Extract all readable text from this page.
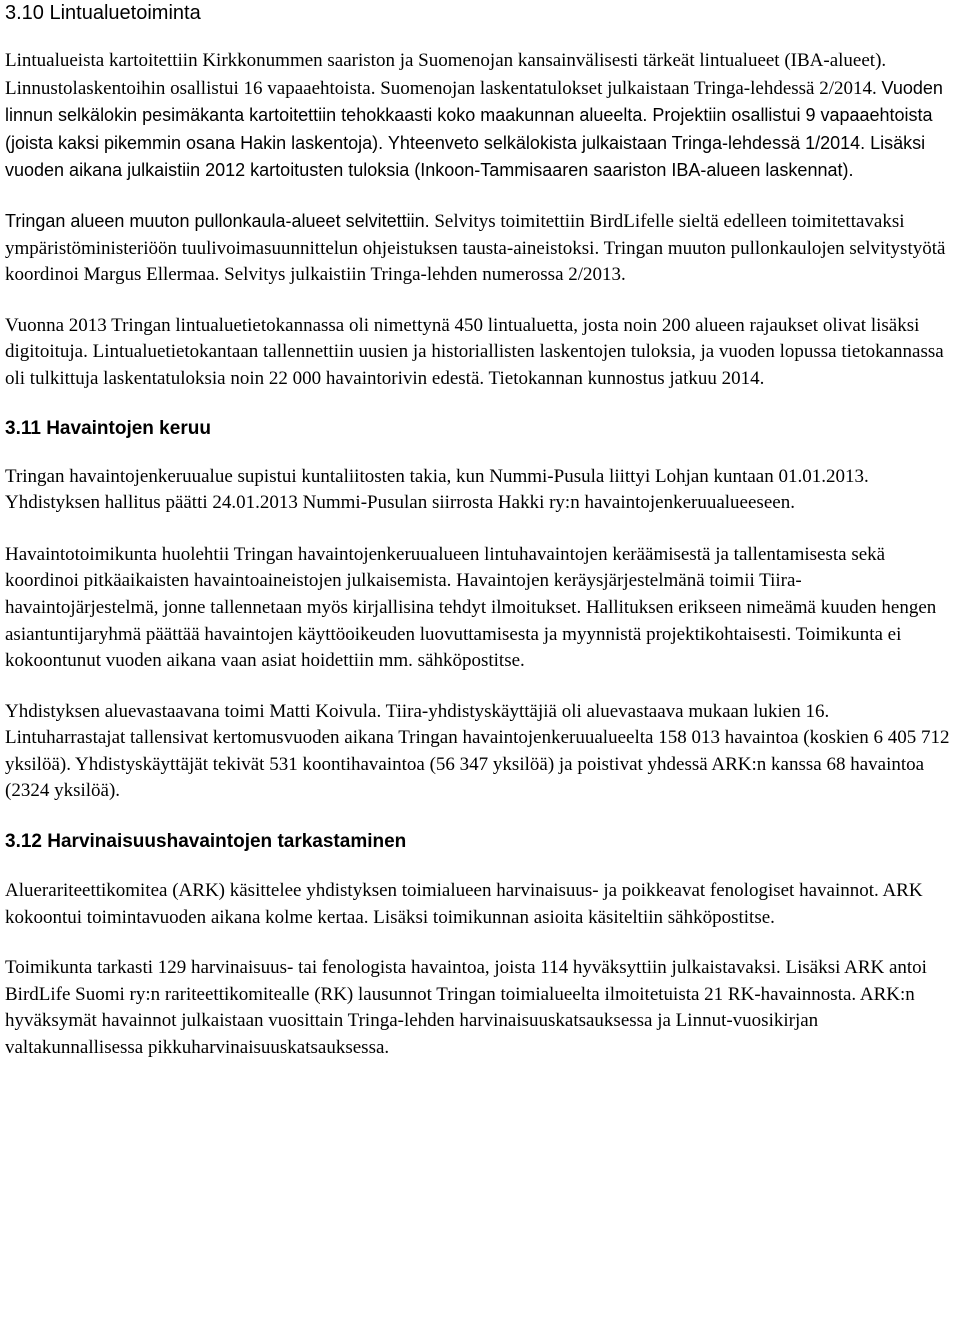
3.10 Lintualuetoiminta

Lintualueista kartoitettiin Kirkkonummen saariston ja Suomenojan kansainvälisesti tärkeät lintualueet (IBA-alueet). Linnustolaskentoihin osallistui 16 vapaaehtoista. Suomenojan laskentatulokset julkaistaan Tringa-lehdessä 2/2014. Vuoden linnun selkälokin pesimäkanta kartoitettiin tehokkaasti koko maakunnan alueelta. Projektiin osallistui 9 vapaaehtoista (joista kaksi pikemmin osana Hakin laskentoja). Yhteenveto selkälokista julkaistaan Tringa-lehdessä 1/2014. Lisäksi vuoden aikana julkaistiin 2012 kartoitusten tuloksia (Inkoon-Tammisaaren saariston IBA-alueen laskennat).

Tringan alueen muuton pullonkaula-alueet selvitettiin. Selvitys toimitettiin BirdLifelle sieltä edelleen toimitettavaksi ympäristöministeriöön tuulivoimasuunnittelun ohjeistuksen tausta-aineistoksi. Tringan muuton pullonkaulojen selvitystyötä koordinoi Margus Ellermaa. Selvitys julkaistiin Tringa-lehden numerossa 2/2013.

Vuonna 2013 Tringan lintualuetietokannassa oli nimettynä 450 lintualuetta, josta noin 200 alueen rajaukset olivat lisäksi digitoituja. Lintualuetietokantaan tallennettiin uusien ja historiallisten laskentojen tuloksia, ja vuoden lopussa tietokannassa oli tulkittuja laskentatuloksia noin 22 000 havaintorivin edestä. Tietokannan kunnostus jatkuu 2014.

3.11 Havaintojen keruu

Tringan havaintojenkeruualue supistui kuntaliitosten takia, kun Nummi-Pusula liittyi Lohjan kuntaan 01.01.2013. Yhdistyksen hallitus päätti 24.01.2013 Nummi-Pusulan siirrosta Hakki ry:n havaintojenkeruualueeseen.

Havaintotoimikunta huolehtii Tringan havaintojenkeruualueen lintuhavaintojen keräämisestä ja tallentamisesta sekä koordinoi pitkäaikaisten havaintoaineistojen julkaisemista. Havaintojen keräysjärjestelmänä toimii Tiira-havaintojärjestelmä, jonne tallennetaan myös kirjallisina tehdyt ilmoitukset. Hallituksen erikseen nimeämä kuuden hengen asiantuntijaryhmä päättää havaintojen käyttöoikeuden luovuttamisesta ja myynnistä projektikohtaisesti. Toimikunta ei kokoontunut vuoden aikana vaan asiat hoidettiin mm. sähköpostitse.

Yhdistyksen aluevastaavana toimi Matti Koivula. Tiira-yhdistyskäyttäjiä oli aluevastaava mukaan lukien 16. Lintuharrastajat tallensivat kertomusvuoden aikana Tringan havaintojenkeruualueelta 158 013 havaintoa (koskien 6 405 712 yksilöä). Yhdistyskäyttäjät tekivät 531 koontihavaintoa (56 347 yksilöä) ja poistivat yhdessä ARK:n kanssa 68 havaintoa (2324 yksilöä).

3.12 Harvinaisuushavaintojen tarkastaminen

Aluerariteettikomitea (ARK) käsittelee yhdistyksen toimialueen harvinaisuus- ja poikkeavat fenologiset havainnot. ARK kokoontui toimintavuoden aikana kolme kertaa. Lisäksi toimikunnan asioita käsiteltiin sähköpostitse.

Toimikunta tarkasti 129 harvinaisuus- tai fenologista havaintoa, joista 114 hyväksyttiin julkaistavaksi. Lisäksi ARK antoi BirdLife Suomi ry:n rariteettikomitealle (RK) lausunnot Tringan toimialueelta ilmoitetuista 21 RK-havainnosta. ARK:n hyväksymät havainnot julkaistaan vuosittain Tringa-lehden harvinaisuuskatsauksessa ja Linnut-vuosikirjan valtakunnallisessa pikkuharvinaisuuskatsauksessa.
